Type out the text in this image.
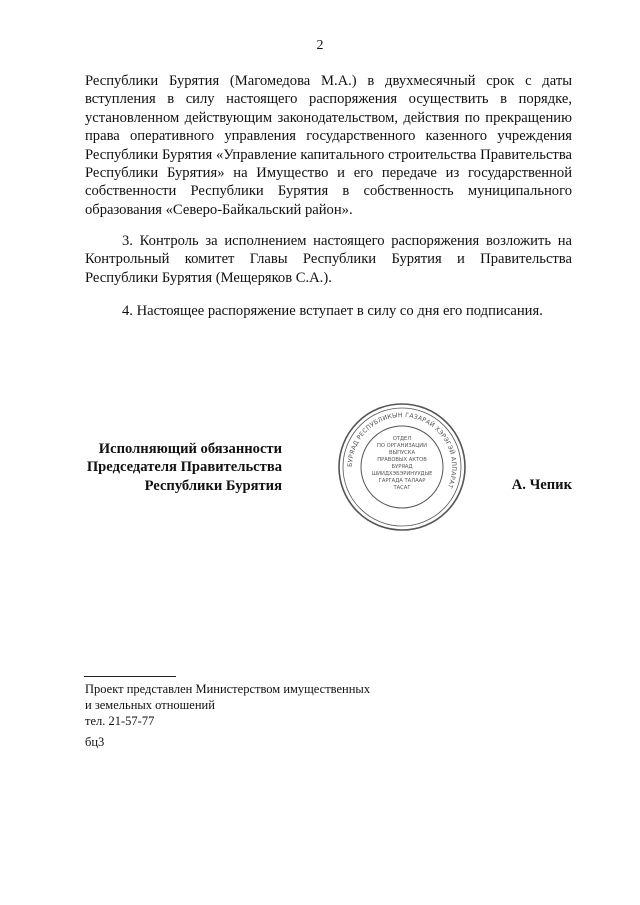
2

Республики Бурятия (Магомедова М.А.) в двухмесячный срок с даты вступления в силу настоящего распоряжения осуществить в порядке, установленном действующим законодательством, действия по прекращению права оперативного управления государственного казенного учреждения Республики Бурятия «Управление капитального строительства Правительства Республики Бурятия» на Имущество и его передаче из государственной собственности Республики Бурятия в собственность муниципального образования «Северо-Байкальский район».

3. Контроль за исполнением настоящего распоряжения возложить на Контрольный комитет Главы Республики Бурятия и Правительства Республики Бурятия (Мещеряков С.А.).

4. Настоящее распоряжение вступает в силу со дня его подписания.

Исполняющий обязанности
Председателя Правительства
Республики Бурятия
БУРЯАД РЕСПУБЛИКЫН ГАЗАРАЙ ХЭРЭГЭЙ АППАРАТ
ОТДЕЛ
ПО ОРГАНИЗАЦИИ
ВЫПУСКА
ПРАВОВЫХ АКТОВ
БУРЯАД
ШИИДХЭБЭРИНУУДЫЕ
ГАРГАДА ТАЛААР
ТАСАГ	А. Чепик
Проект представлен Министерством имущественных
и земельных отношений
тел. 21-57-77
бц3
